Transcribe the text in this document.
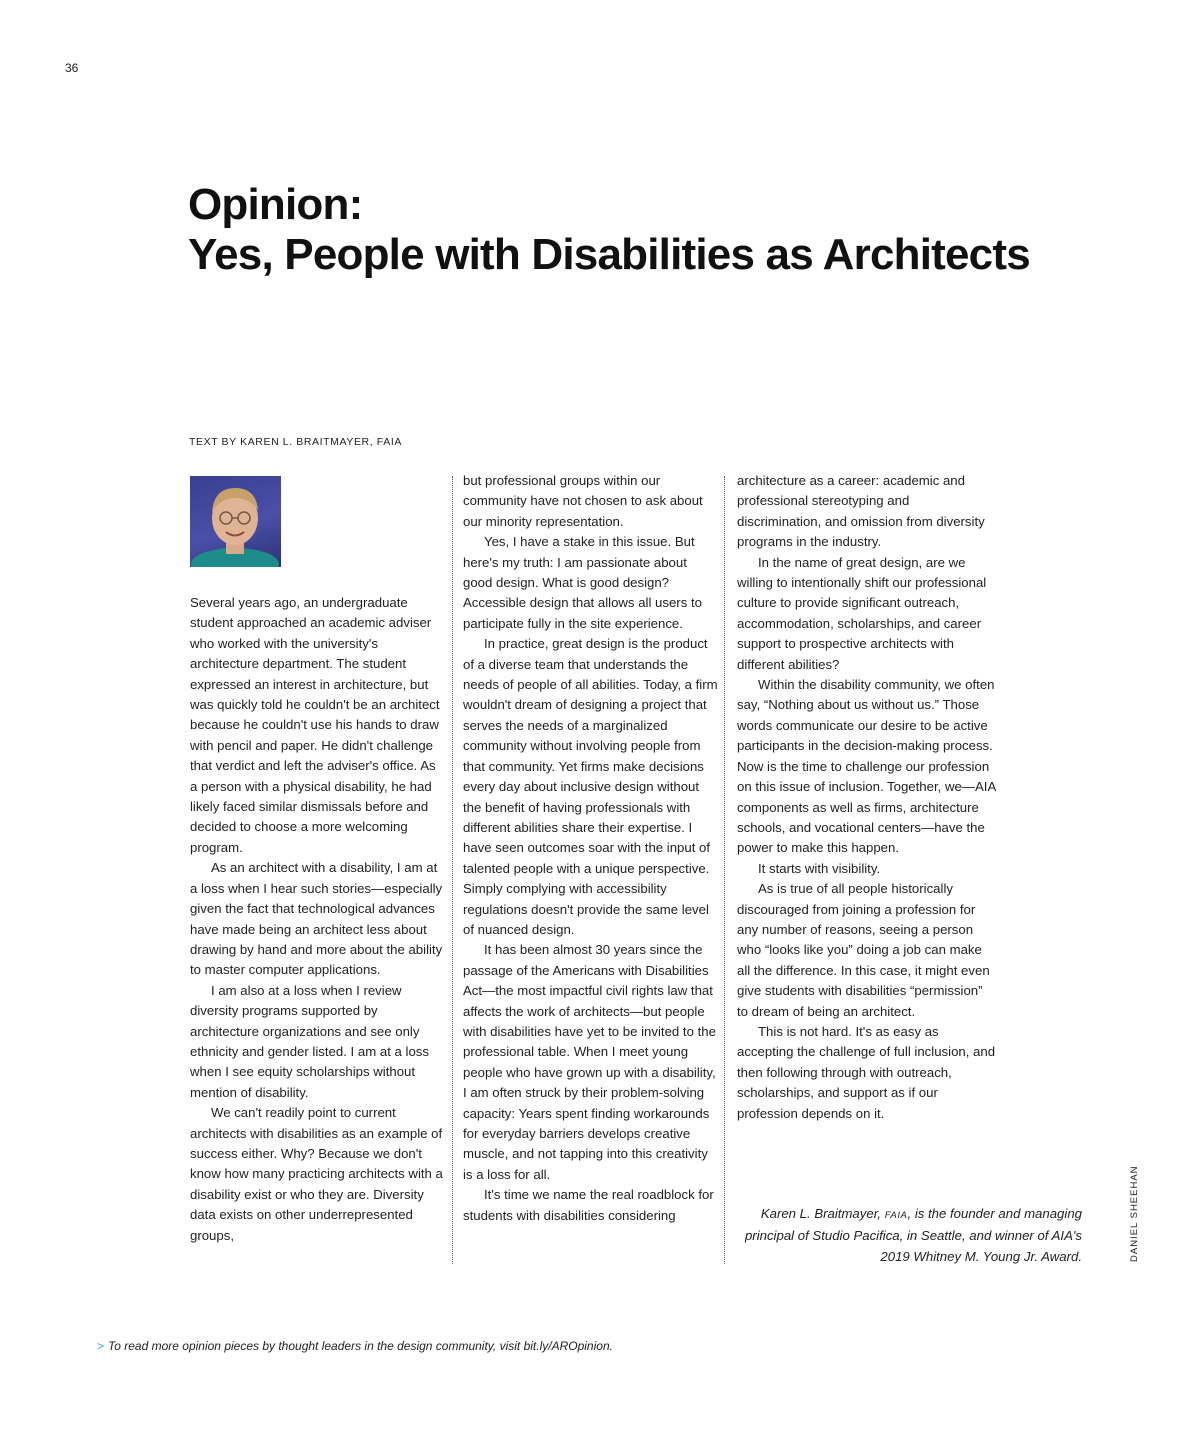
36
Opinion:
Yes, People with Disabilities as Architects
TEXT BY KAREN L. BRAITMAYER, FAIA

Several years ago, an undergraduate student approached an academic adviser who worked with the university's architecture department. The student expressed an interest in architecture, but was quickly told he couldn't be an architect because he couldn't use his hands to draw with pencil and paper. He didn't challenge that verdict and left the adviser's office. As a person with a physical disability, he had likely faced similar dismissals before and decided to choose a more welcoming program.

As an architect with a disability, I am at a loss when I hear such stories—especially given the fact that technological advances have made being an architect less about drawing by hand and more about the ability to master computer applications.

I am also at a loss when I review diversity programs supported by architecture organizations and see only ethnicity and gender listed. I am at a loss when I see equity scholarships without mention of disability.

We can't readily point to current architects with disabilities as an example of success either. Why? Because we don't know how many practicing architects with a disability exist or who they are. Diversity data exists on other underrepresented groups,

but professional groups within our community have not chosen to ask about our minority representation.

Yes, I have a stake in this issue. But here's my truth: I am passionate about good design. What is good design? Accessible design that allows all users to participate fully in the site experience.

In practice, great design is the product of a diverse team that understands the needs of people of all abilities. Today, a firm wouldn't dream of designing a project that serves the needs of a marginalized community without involving people from that community. Yet firms make decisions every day about inclusive design without the benefit of having professionals with different abilities share their expertise. I have seen outcomes soar with the input of talented people with a unique perspective. Simply complying with accessibility regulations doesn't provide the same level of nuanced design.

It has been almost 30 years since the passage of the Americans with Disabilities Act—the most impactful civil rights law that affects the work of architects—but people with disabilities have yet to be invited to the professional table. When I meet young people who have grown up with a disability, I am often struck by their problem-solving capacity: Years spent finding workarounds for everyday barriers develops creative muscle, and not tapping into this creativity is a loss for all.

It's time we name the real roadblock for students with disabilities considering

architecture as a career: academic and professional stereotyping and discrimination, and omission from diversity programs in the industry.

In the name of great design, are we willing to intentionally shift our professional culture to provide significant outreach, accommodation, scholarships, and career support to prospective architects with different abilities?

Within the disability community, we often say, “Nothing about us without us.” Those words communicate our desire to be active participants in the decision-making process. Now is the time to challenge our profession on this issue of inclusion. Together, we—AIA components as well as firms, architecture schools, and vocational centers—have the power to make this happen.

It starts with visibility.

As is true of all people historically discouraged from joining a profession for any number of reasons, seeing a person who “looks like you” doing a job can make all the difference. In this case, it might even give students with disabilities “permission” to dream of being an architect.

This is not hard. It's as easy as accepting the challenge of full inclusion, and then following through with outreach, scholarships, and support as if our profession depends on it.

Karen L. Braitmayer, FAIA, is the founder and managing principal of Studio Pacifica, in Seattle, and winner of AIA's 2019 Whitney M. Young Jr. Award.	DANIEL SHEEHAN
> To read more opinion pieces by thought leaders in the design community, visit bit.ly/AROpinion.
